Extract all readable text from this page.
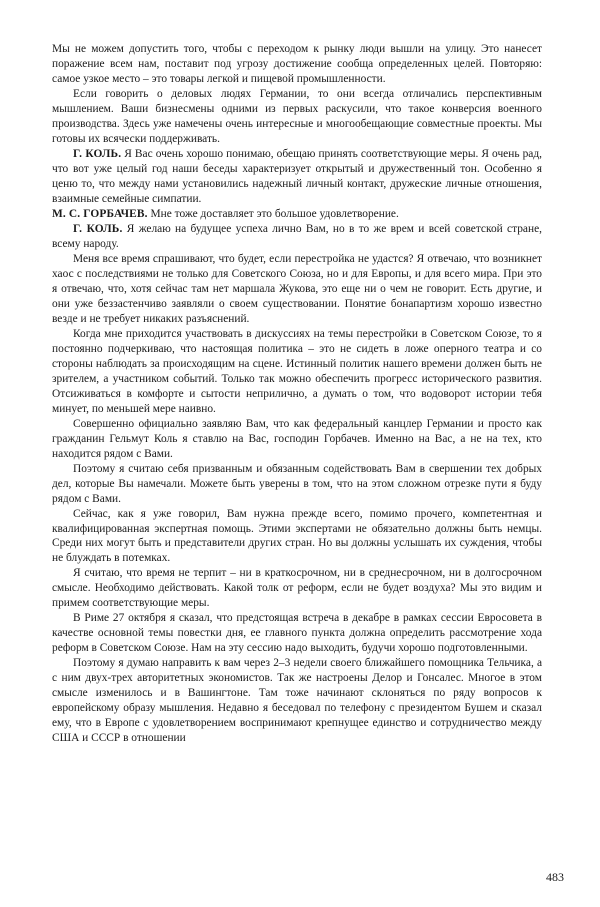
Мы не можем допустить того, чтобы с переходом к рынку люди вышли на улицу. Это нанесет поражение всем нам, поставит под угрозу достижение сообща определенных целей. Повторяю: самое узкое место – это товары легкой и пищевой промышленности.

Если говорить о деловых людях Германии, то они всегда отличались перспективным мышлением. Ваши бизнесмены одними из первых раскусили, что такое конверсия военного производства. Здесь уже намечены очень интересные и многообещающие совместные проекты. Мы готовы их всячески поддерживать.

Г. КОЛЬ. Я Вас очень хорошо понимаю, обещаю принять соответствующие меры. Я очень рад, что вот уже целый год наши беседы характеризует открытый и дружественный тон. Особенно я ценю то, что между нами установились надежный личный контакт, дружеские личные отношения, взаимные семейные симпатии.

М. С. ГОРБАЧЕВ. Мне тоже доставляет это большое удовлетворение.

Г. КОЛЬ. Я желаю на будущее успеха лично Вам, но в то же врем и всей советской стране, всему народу.

Меня все время спрашивают, что будет, если перестройка не удастся? Я отвечаю, что возникнет хаос с последствиями не только для Советского Союза, но и для Европы, и для всего мира. При это я отвечаю, что, хотя сейчас там нет маршала Жукова, это еще ни о чем не говорит. Есть другие, и они уже беззастенчиво заявляли о своем существовании. Понятие бонапартизм хорошо известно везде и не требует никаких разъяснений.

Когда мне приходится участвовать в дискуссиях на темы перестройки в Советском Союзе, то я постоянно подчеркиваю, что настоящая политика – это не сидеть в ложе оперного театра и со стороны наблюдать за происходящим на сцене. Истинный политик нашего времени должен быть не зрителем, а участником событий. Только так можно обеспечить прогресс исторического развития. Отсиживаться в комфорте и сытости неприлично, а думать о том, что водоворот истории тебя минует, по меньшей мере наивно.

Совершенно официально заявляю Вам, что как федеральный канцлер Германии и просто как гражданин Гельмут Коль я ставлю на Вас, господин Горбачев. Именно на Вас, а не на тех, кто находится рядом с Вами.

Поэтому я считаю себя призванным и обязанным содействовать Вам в свершении тех добрых дел, которые Вы намечали. Можете быть уверены в том, что на этом сложном отрезке пути я буду рядом с Вами.

Сейчас, как я уже говорил, Вам нужна прежде всего, помимо прочего, компетентная и квалифицированная экспертная помощь. Этими экспертами не обязательно должны быть немцы. Среди них могут быть и представители других стран. Но вы должны услышать их суждения, чтобы не блуждать в потемках.

Я считаю, что время не терпит – ни в краткосрочном, ни в среднесрочном, ни в долгосрочном смысле. Необходимо действовать. Какой толк от реформ, если не будет воздуха? Мы это видим и примем соответствующие меры.

В Риме 27 октября я сказал, что предстоящая встреча в декабре в рамках сессии Евросовета в качестве основной темы повестки дня, ее главного пункта должна определить рассмотрение хода реформ в Советском Союзе. Нам на эту сессию надо выходить, будучи хорошо подготовленными.

Поэтому я думаю направить к вам через 2–3 недели своего ближайшего помощника Тельчика, а с ним двух-трех авторитетных экономистов. Так же настроены Делор и Гонсалес. Многое в этом смысле изменилось и в Вашингтоне. Там тоже начинают склоняться по ряду вопросов к европейскому образу мышления. Недавно я беседовал по телефону с президентом Бушем и сказал ему, что в Европе с удовлетворением воспринимают крепнущее единство и сотрудничество между США и СССР в отношении

483
